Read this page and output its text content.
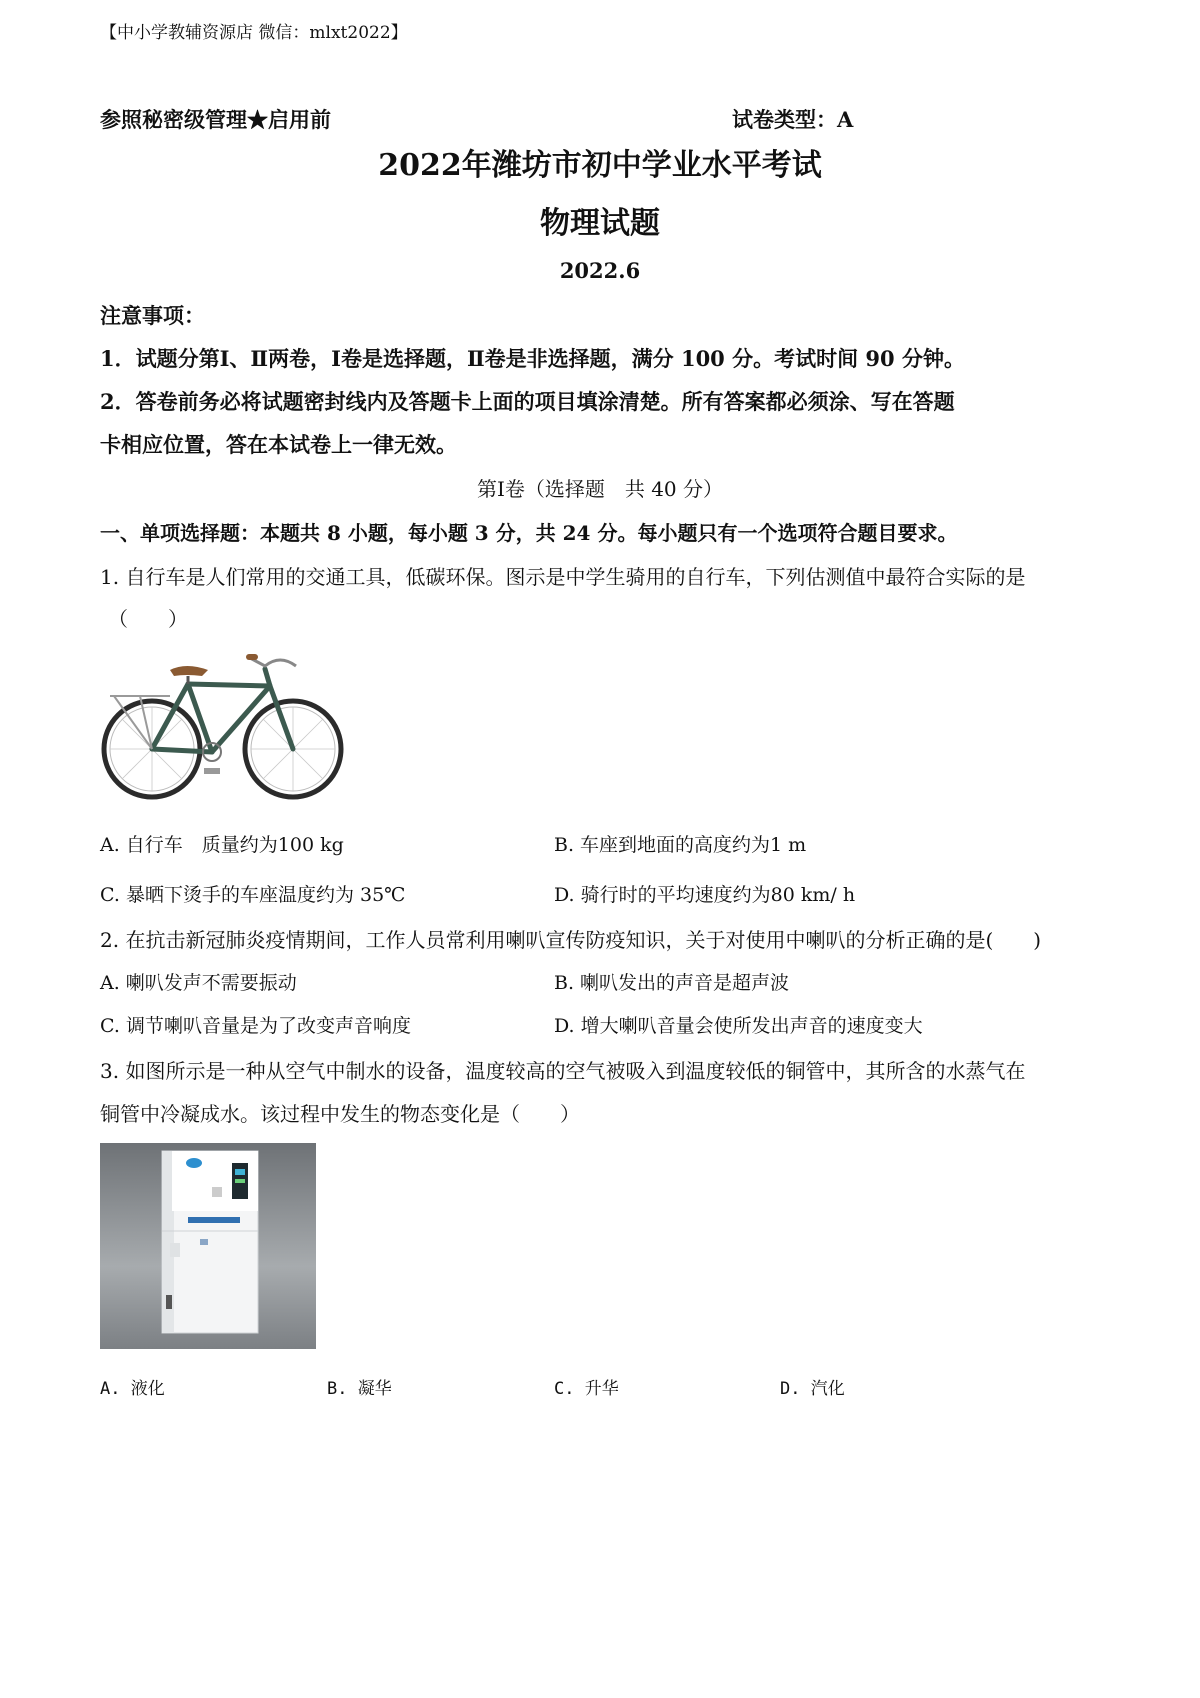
【中小学教辅资源店 微信：mlxt2022】
参照秘密级管理★启用前	试卷类型：A
2022年潍坊市初中学业水平考试
物理试题
2022.6
注意事项：
1．试题分第Ⅰ、Ⅱ两卷，Ⅰ卷是选择题，Ⅱ卷是非选择题，满分 100 分。考试时间 90 分钟。
2．答卷前务必将试题密封线内及答题卡上面的项目填涂清楚。所有答案都必须涂、写在答题
卡相应位置，答在本试卷上一律无效。
第Ⅰ卷（选择题　共 40 分）
一、单项选择题：本题共 8 小题，每小题 3 分，共 24 分。每小题只有一个选项符合题目要求。
1. 自行车是人们常用的交通工具，低碳环保。图示是中学生骑用的自行车，下列估测值中最符合实际的是
（　　）
A. 自行车　质量约为100 kg	B. 车座到地面的高度约为1 m
C. 暴晒下烫手的车座温度约为 35℃	D. 骑行时的平均速度约为80 km/ h
2. 在抗击新冠肺炎疫情期间，工作人员常利用喇叭宣传防疫知识，关于对使用中喇叭的分析正确的是(　　)
A. 喇叭发声不需要振动	B. 喇叭发出的声音是超声波
C. 调节喇叭音量是为了改变声音响度	D. 增大喇叭音量会使所发出声音的速度变大
3. 如图所示是一种从空气中制水的设备，温度较高的空气被吸入到温度较低的铜管中，其所含的水蒸气在
铜管中冷凝成水。该过程中发生的物态变化是（　　）
A. 液化	B. 凝华	C. 升华	D. 汽化
